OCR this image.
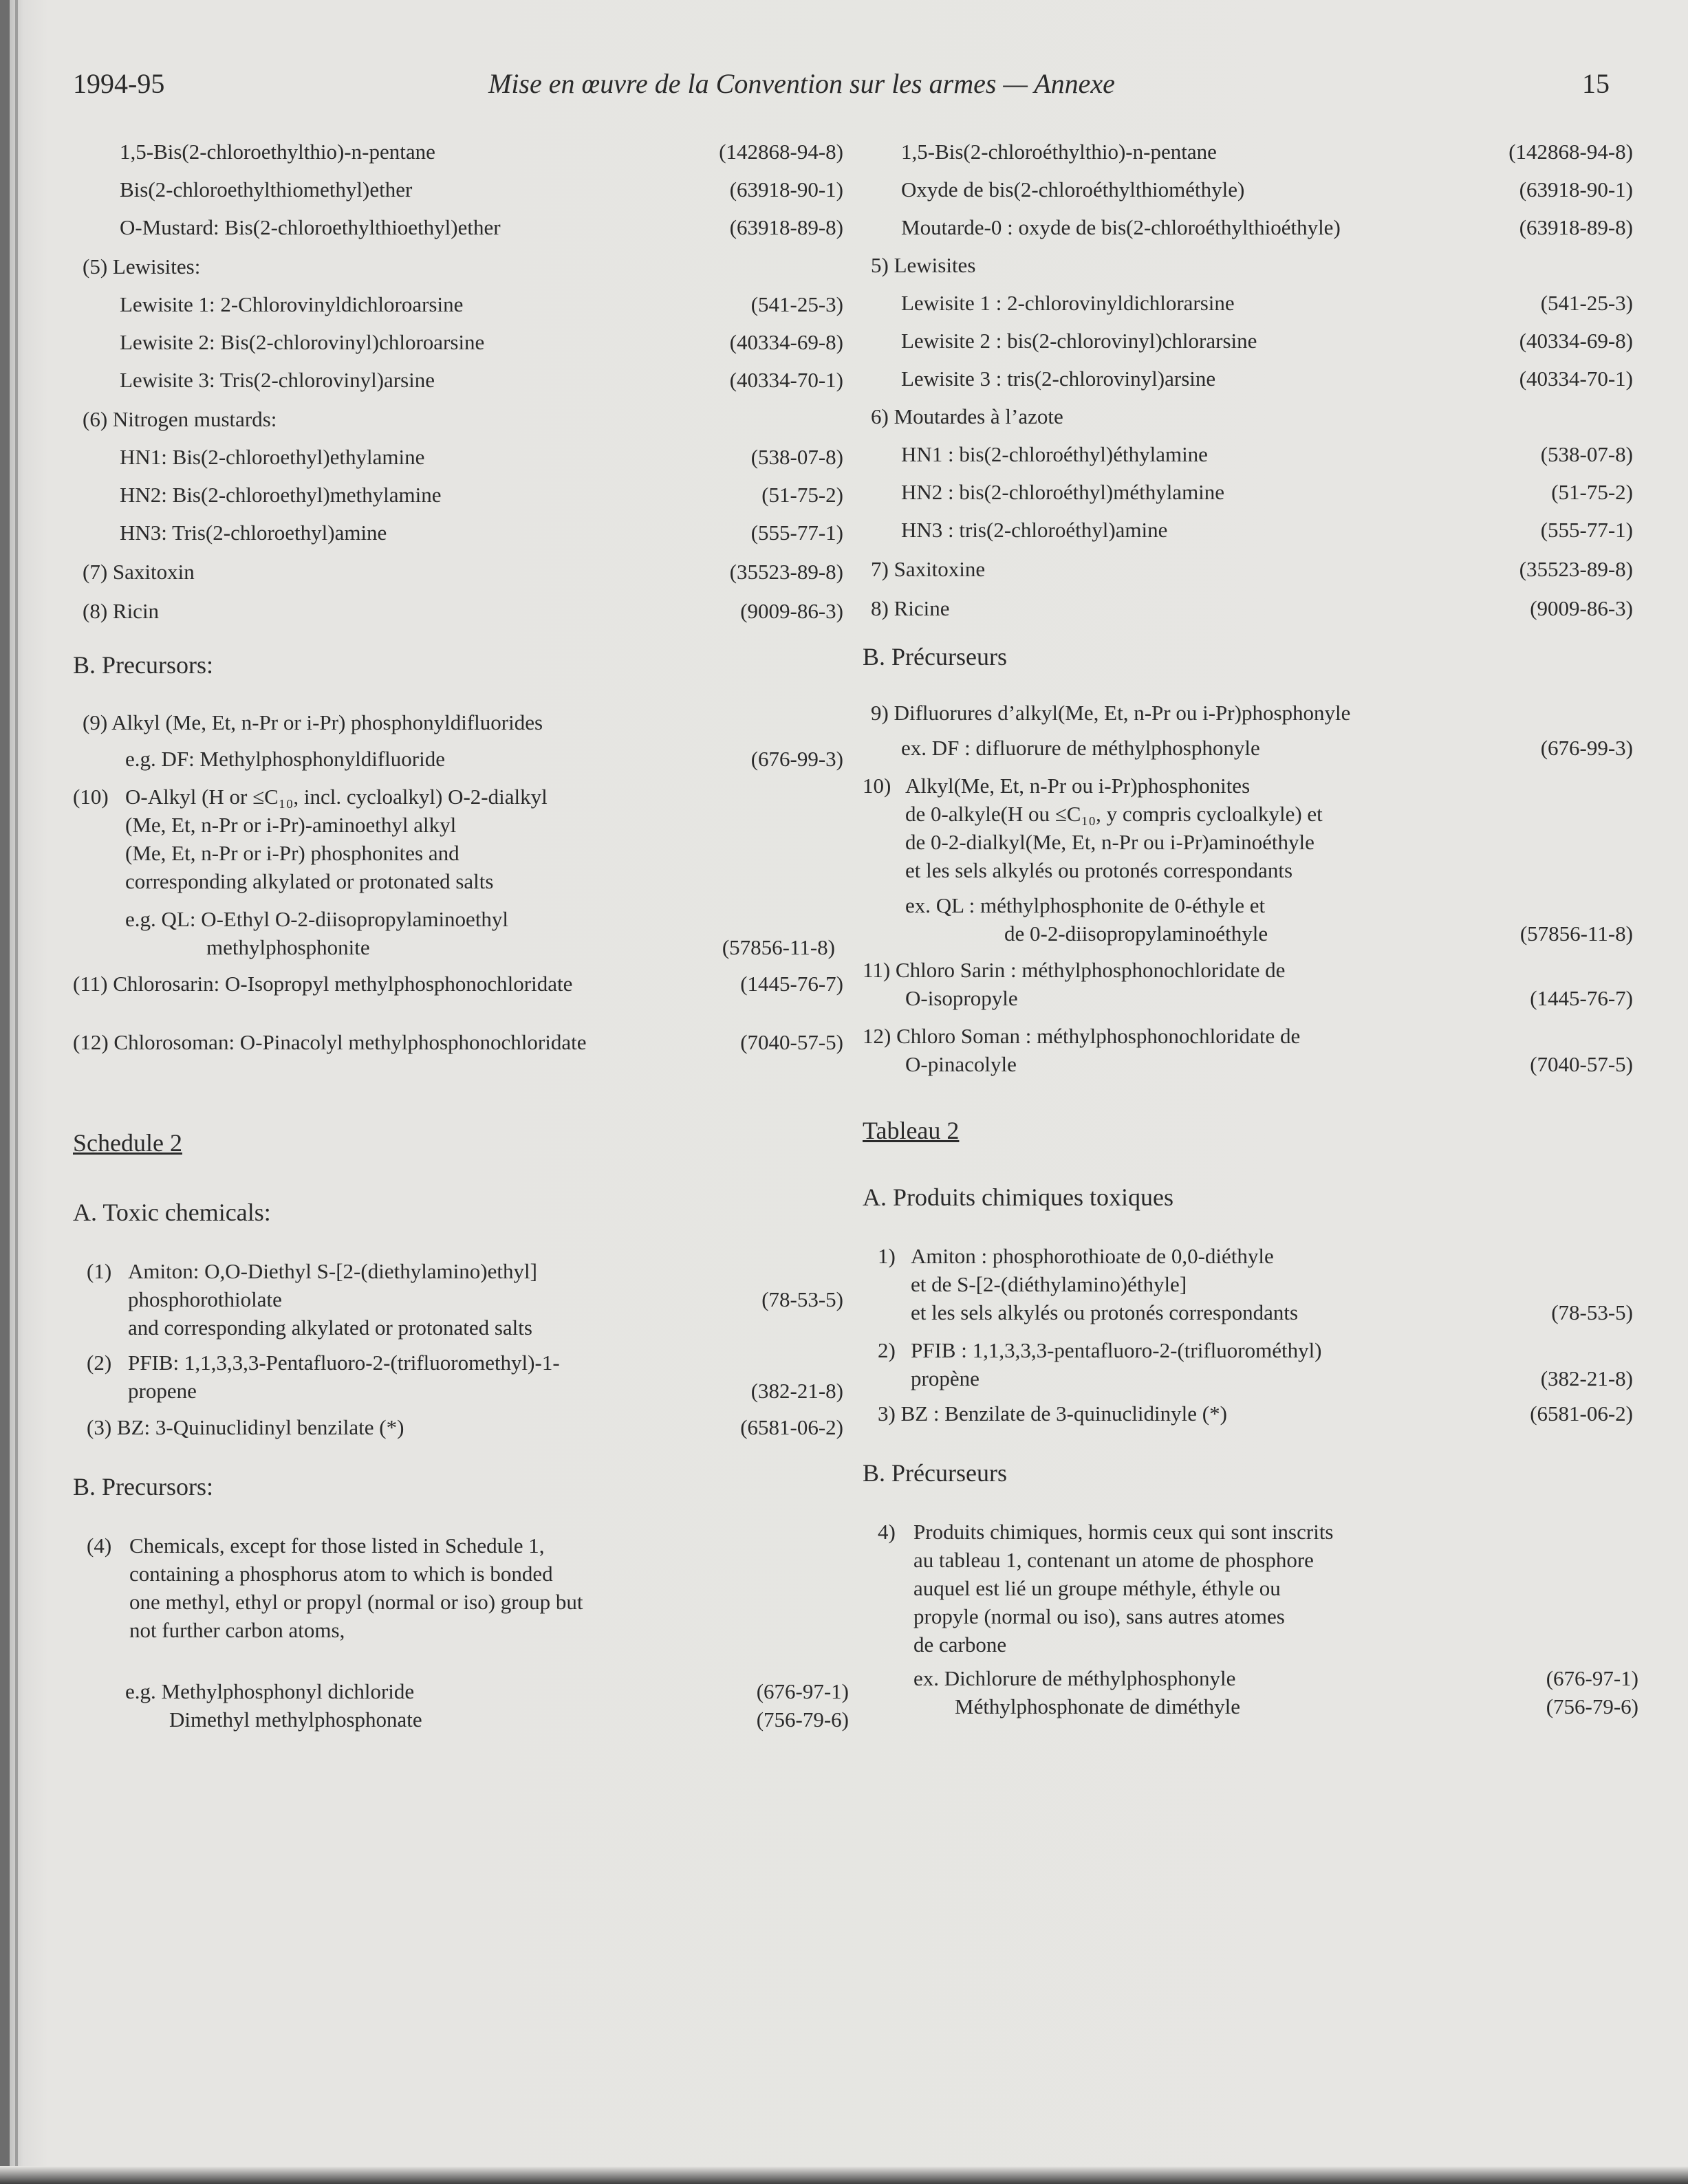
1994-95	Mise en œuvre de la Convention sur les armes — Annexe	15
1,5-Bis(2-chloroethylthio)-n-pentane	(142868-94-8)
Bis(2-chloroethylthiomethyl)ether	(63918-90-1)
O-Mustard: Bis(2-chloroethylthioethyl)ether	(63918-89-8)
(5) Lewisites:
Lewisite 1: 2-Chlorovinyldichloroarsine	(541-25-3)
Lewisite 2: Bis(2-chlorovinyl)chloroarsine	(40334-69-8)
Lewisite 3: Tris(2-chlorovinyl)arsine	(40334-70-1)
(6) Nitrogen mustards:
HN1: Bis(2-chloroethyl)ethylamine	(538-07-8)
HN2: Bis(2-chloroethyl)methylamine	(51-75-2)
HN3: Tris(2-chloroethyl)amine	(555-77-1)
(7) Saxitoxin	(35523-89-8)
(8) Ricin	(9009-86-3)
B. Precursors:
(9) Alkyl (Me, Et, n-Pr or i-Pr) phosphonyldifluorides
e.g. DF: Methylphosphonyldifluoride	(676-99-3)
(10) O-Alkyl (H or ≤C₁₀, incl. cycloalkyl) O-2-dialkyl
(Me, Et, n-Pr or i-Pr)-aminoethyl alkyl
(Me, Et, n-Pr or i-Pr) phosphonites and
corresponding alkylated or protonated salts
e.g. QL: O-Ethyl O-2-diisopropylaminoethyl
methylphosphonite	(57856-11-8)
(11) Chlorosarin: O-Isopropyl methylphosphonochloridate	(1445-76-7)
(12) Chlorosoman: O-Pinacolyl methylphosphonochloridate	(7040-57-5)
Schedule 2
A. Toxic chemicals:
(1) Amiton: O,O-Diethyl S-[2-(diethylamino)ethyl]
phosphorothiolate	(78-53-5)
and corresponding alkylated or protonated salts
(2) PFIB: 1,1,3,3,3-Pentafluoro-2-(trifluoromethyl)-1-
propene	(382-21-8)
(3) BZ: 3-Quinuclidinyl benzilate (*)	(6581-06-2)
B. Precursors:
(4) Chemicals, except for those listed in Schedule 1,
containing a phosphorus atom to which is bonded
one methyl, ethyl or propyl (normal or iso) group but
not further carbon atoms,
e.g. Methylphosphonyl dichloride	(676-97-1)
Dimethyl methylphosphonate	(756-79-6)
1,5-Bis(2-chloroéthylthio)-n-pentane	(142868-94-8)
Oxyde de bis(2-chloroéthylthiométhyle)	(63918-90-1)
Moutarde-0 : oxyde de bis(2-chloroéthylthioéthyle)	(63918-89-8)
5) Lewisites
Lewisite 1 : 2-chlorovinyldichlorarsine	(541-25-3)
Lewisite 2 : bis(2-chlorovinyl)chlorarsine	(40334-69-8)
Lewisite 3 : tris(2-chlorovinyl)arsine	(40334-70-1)
6) Moutardes à l’azote
HN1 : bis(2-chloroéthyl)éthylamine	(538-07-8)
HN2 : bis(2-chloroéthyl)méthylamine	(51-75-2)
HN3 : tris(2-chloroéthyl)amine	(555-77-1)
7) Saxitoxine	(35523-89-8)
8) Ricine	(9009-86-3)
B. Précurseurs
9) Difluorures d’alkyl(Me, Et, n-Pr ou i-Pr)phosphonyle
ex. DF : difluorure de méthylphosphonyle	(676-99-3)
10) Alkyl(Me, Et, n-Pr ou i-Pr)phosphonites
de 0-alkyle(H ou ≤C₁₀, y compris cycloalkyle) et
de 0-2-dialkyl(Me, Et, n-Pr ou i-Pr)aminoéthyle
et les sels alkylés ou protonés correspondants
ex. QL : méthylphosphonite de 0-éthyle et
de 0-2-diisopropylaminoéthyle	(57856-11-8)
11) Chloro Sarin : méthylphosphonochloridate de
O-isopropyle	(1445-76-7)
12) Chloro Soman : méthylphosphonochloridate de
O-pinacolyle	(7040-57-5)
Tableau 2
A. Produits chimiques toxiques
1) Amiton : phosphorothioate de 0,0-diéthyle
et de S-[2-(diéthylamino)éthyle]
et les sels alkylés ou protonés correspondants	(78-53-5)
2) PFIB : 1,1,3,3,3-pentafluoro-2-(trifluorométhyl)
propène	(382-21-8)
3) BZ : Benzilate de 3-quinuclidinyle (*)	(6581-06-2)
B. Précurseurs
4) Produits chimiques, hormis ceux qui sont inscrits
au tableau 1, contenant un atome de phosphore
auquel est lié un groupe méthyle, éthyle ou
propyle (normal ou iso), sans autres atomes
de carbone
ex. Dichlorure de méthylphosphonyle	(676-97-1)
Méthylphosphonate de diméthyle	(756-79-6)
